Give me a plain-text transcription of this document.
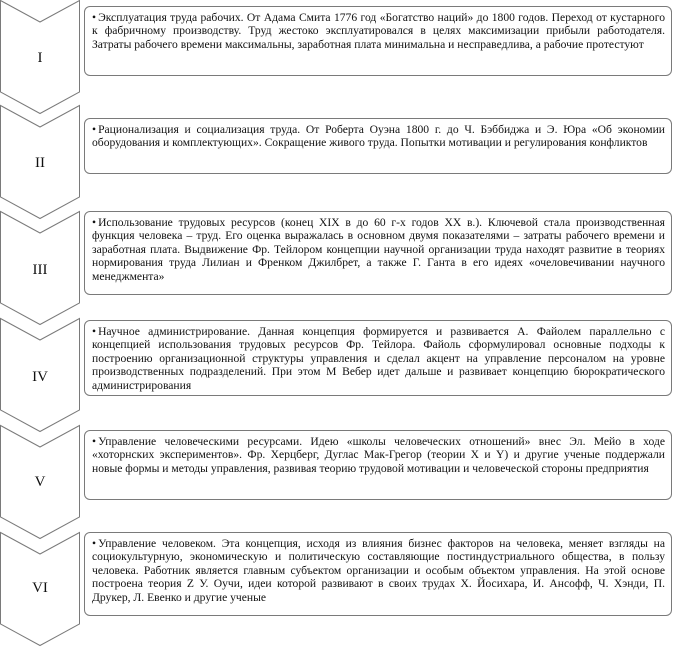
I
• Эксплуатация труда рабочих. От Адама Смита 1776 год «Богатство наций» до 1800 годов. Переход от кустарного к фабричному производству. Труд жестоко эксплуатировался в целях максимизации прибыли работодателя. Затраты рабочего времени максимальны, заработная плата минимальна и несправедлива, а рабочие протестуют
II
• Рационализация и социализация труда. От Роберта Оуэна 1800 г. до Ч. Бэббиджа и Э. Юра «Об экономии оборудования и комплектующих». Сокращение живого труда. Попытки мотивации и регулирования конфликтов
III
• Использование трудовых ресурсов (конец XIX в до 60 г-х годов XX в.). Ключевой стала производственная функция человека – труд. Его оценка выражалась в основном двумя показателями – затраты рабочего времени и заработная плата. Выдвижение Фр. Тейлором концепции научной организации труда находят развитие в теориях нормирования труда Лилиан и Френком Джилбрет, а также Г. Ганта в его идеях «очеловечивании научного менеджмента»
IV
• Научное администрирование. Данная концепция формируется и развивается А. Файолем параллельно с концепцией использования трудовых ресурсов Фр. Тейлора. Файоль сформулировал основные подходы к построению организационной структуры управления и сделал акцент на управление персоналом на уровне производственных подразделений. При этом М Вебер идет дальше и развивает концепцию бюрократического администрирования
V
• Управление человеческими ресурсами. Идею «школы человеческих отношений» внес Эл. Мейо в ходе «хоторнских экспериментов». Фр. Херцберг, Дуглас Мак-Грегор (теории X и Y) и другие ученые поддержали новые формы и методы управления, развивая теорию трудовой мотивации и человеческой стороны предприятия
VI
• Управление человеком. Эта концепция, исходя из влияния бизнес факторов на человека, меняет взгляды на социокультурную, экономическую и политическую составляющие постиндустриального общества, в пользу человека. Работник является главным субъектом организации и особым объектом управления. На этой основе построена теория Z У. Оучи, идеи которой развивают в своих трудах Х. Йосихара, И. Ансофф, Ч. Хэнди, П. Друкер, Л. Евенко и другие ученые
